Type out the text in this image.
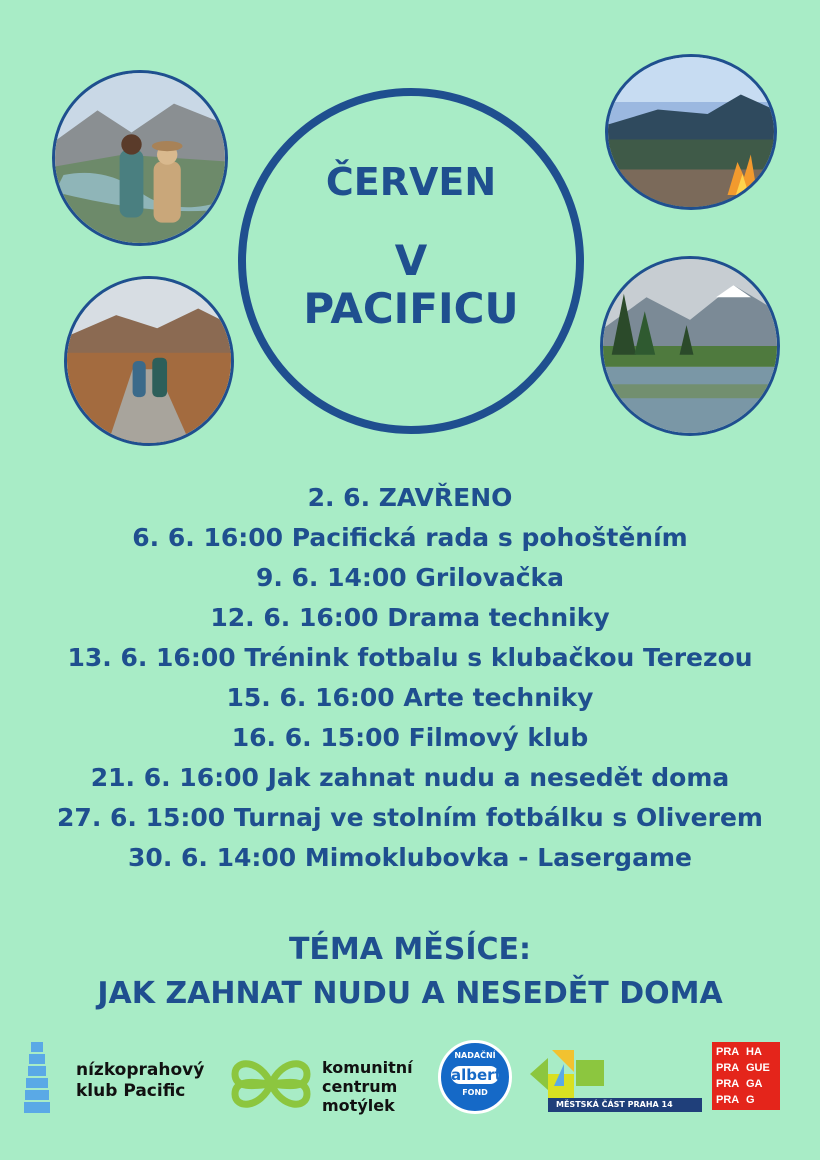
ČERVEN
V
PACIFICU
2. 6. ZAVŘENO
6. 6. 16:00 Pacifická rada s pohoštěním
9. 6. 14:00 Grilovačka
12. 6. 16:00 Drama techniky
13. 6. 16:00 Trénink fotbalu s klubačkou Terezou
15. 6. 16:00 Arte techniky
16. 6. 15:00 Filmový klub
21. 6. 16:00 Jak zahnat nudu a nesedět doma
27. 6. 15:00 Turnaj ve stolním fotbálku s Oliverem
30. 6. 14:00 Mimoklubovka - Lasergame
TÉMA MĚSÍCE:
JAK ZAHNAT NUDU A NESEDĚT DOMA
nízkoprahový
klub Pacific
komunitní
centrum
motýlek
NADAČNÍ
albert
FOND
MĚSTSKÁ ČÁST PRAHA 14
PRA HA
PRA GUE
PRA GA
PRA G
